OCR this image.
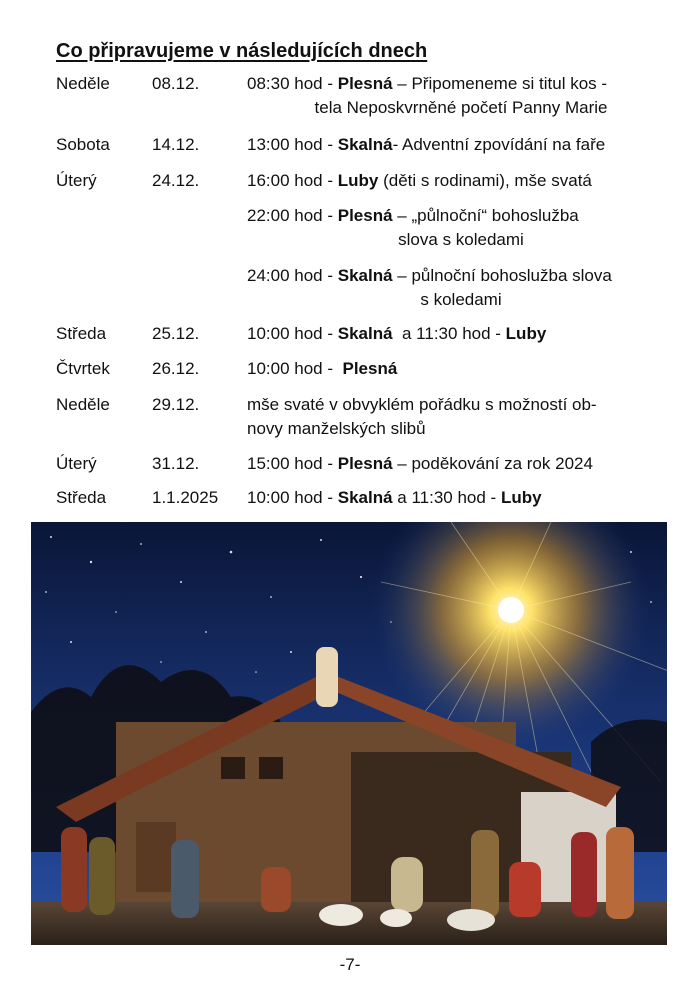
Co připravujeme v následujících dnech
Neděle 08.12.	08:30 hod - Plesná – Připomeneme si titul kos -
tela Neposkvrněné početí Panny Marie
Sobota 14.12.	13:00 hod - Skalná- Adventní zpovídání na faře
Úterý	24.12.	16:00 hod - Luby (děti s rodinami), mše svatá
22:00 hod - Plesná – „půlnoční“ bohoslužba
slova s koledami
24:00 hod - Skalná – půlnoční bohoslužba slova
s koledami
Středa	25.12.	10:00 hod - Skalná  a 11:30 hod - Luby
Čtvrtek 26.12.	10:00 hod -  Plesná
Neděle 29.12.	mše svaté v obvyklém pořádku s možností ob-
novy manželských slibů
Úterý	31.12.	15:00 hod - Plesná – poděkování za rok 2024
Středa	1.1.2025 10:00 hod - Skalná a 11:30 hod - Luby
-7-
